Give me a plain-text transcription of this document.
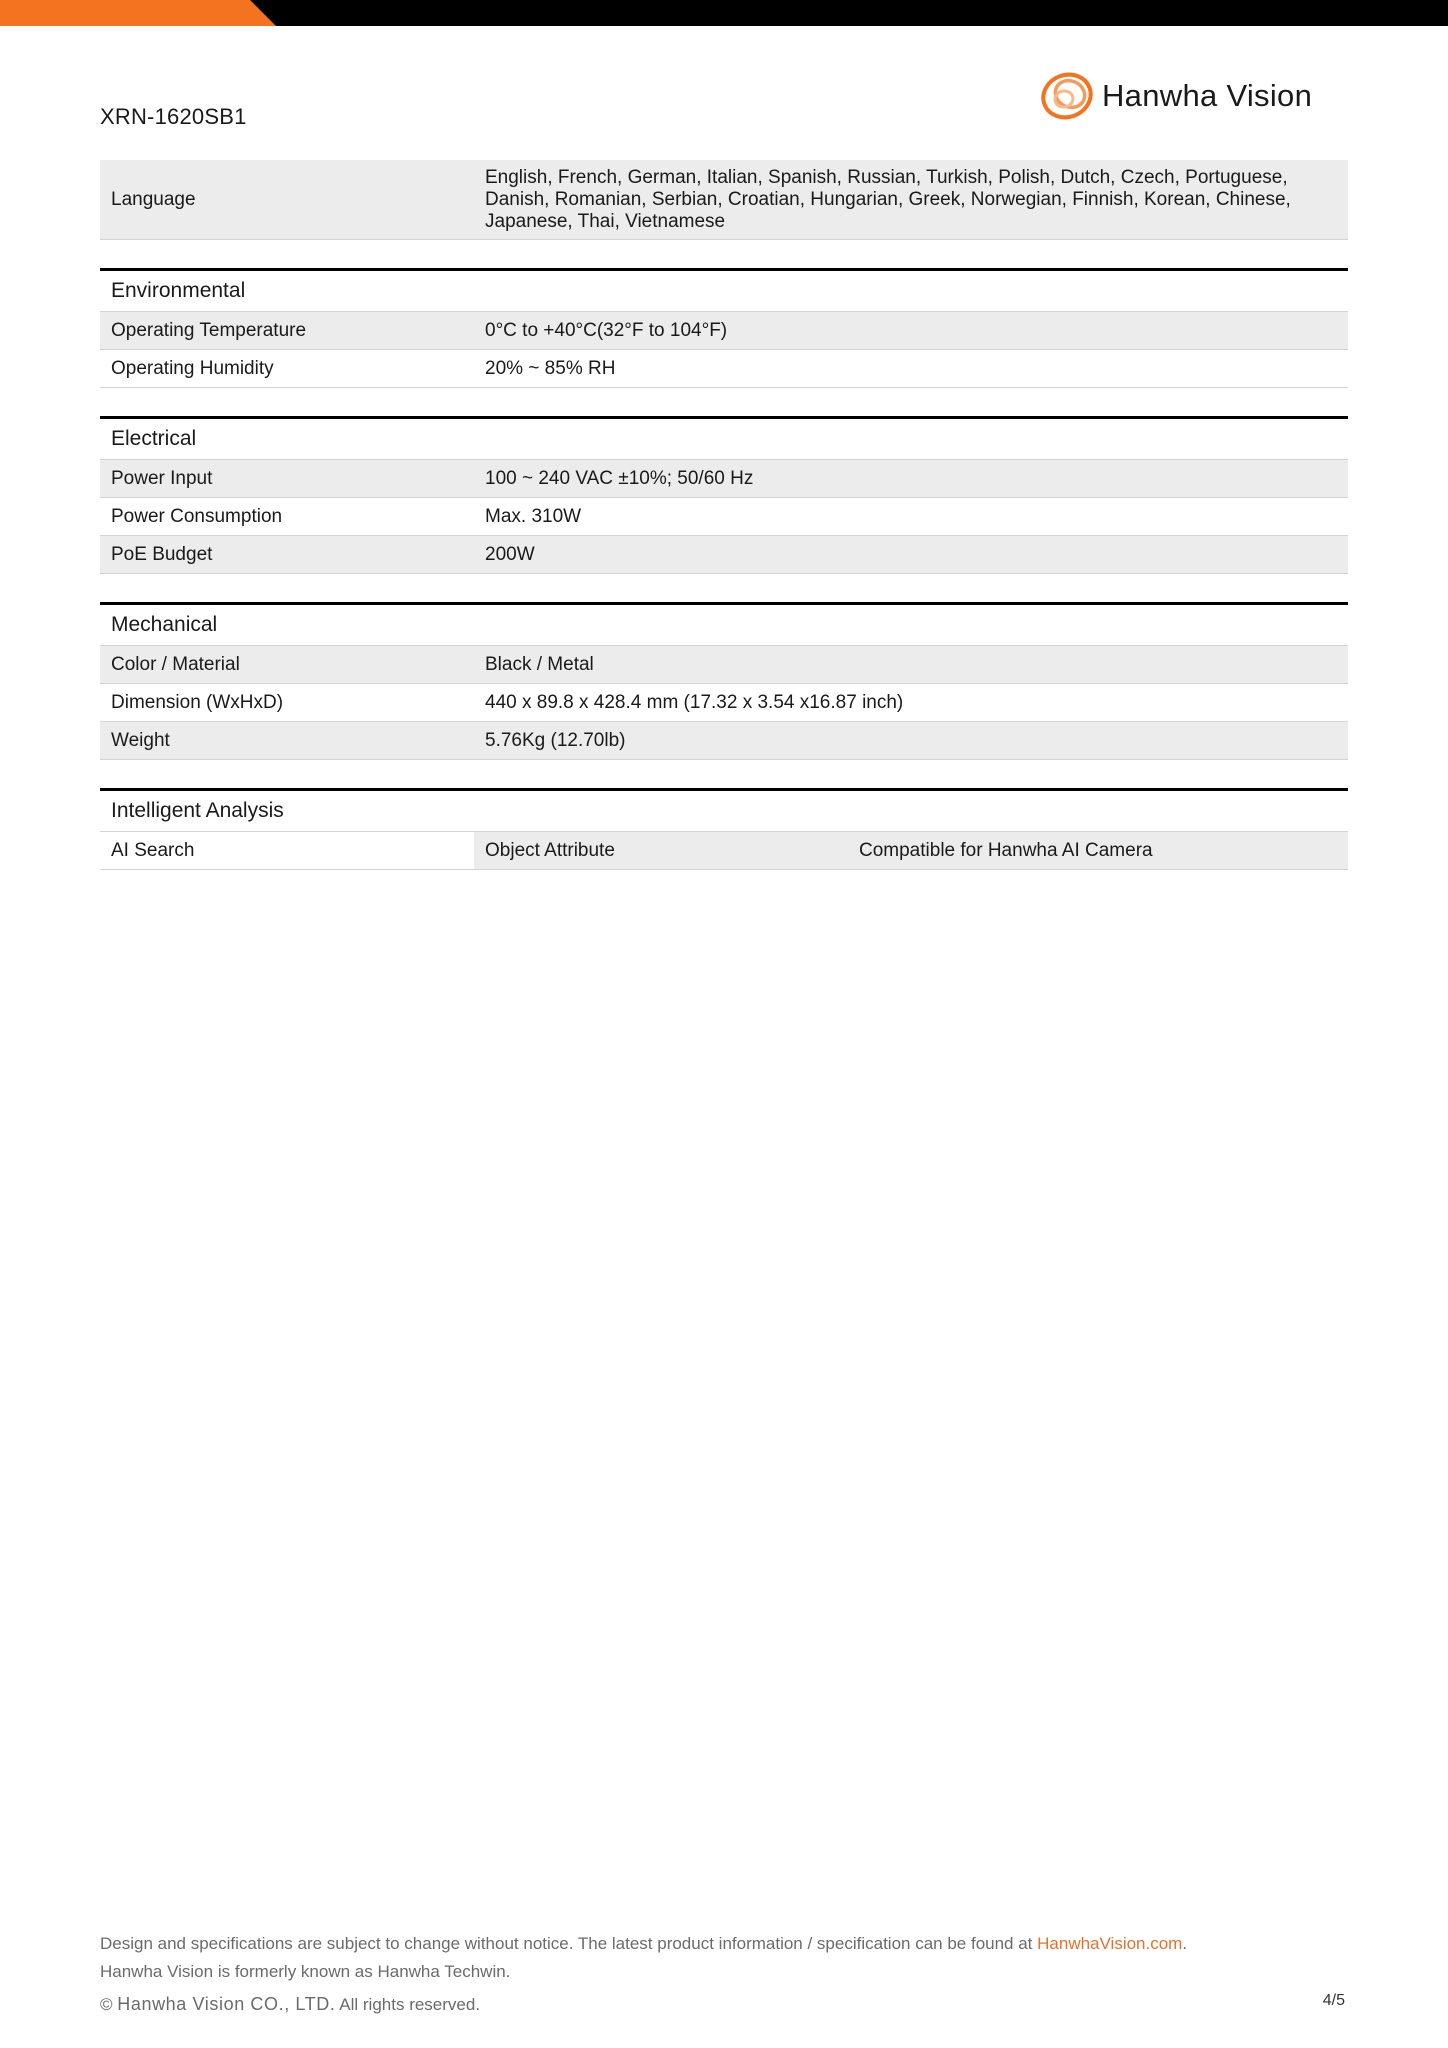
XRN-1620SB1
Hanwha Vision
Language	English, French, German, Italian, Spanish, Russian, Turkish, Polish, Dutch, Czech, Portuguese, Danish, Romanian, Serbian, Croatian, Hungarian, Greek, Norwegian, Finnish, Korean, Chinese, Japanese, Thai, Vietnamese	

Environmental		
Operating Temperature	0°C to +40°C(32°F to 104°F)	
Operating Humidity	20% ~ 85% RH	

Electrical		
Power Input	100 ~ 240 VAC ±10%; 50/60 Hz	
Power Consumption	Max. 310W	
PoE Budget	200W	

Mechanical		
Color / Material	Black / Metal	
Dimension (WxHxD)	440 x 89.8 x 428.4 mm (17.32 x 3.54 x16.87 inch)	
Weight	5.76Kg (12.70lb)	

Intelligent Analysis		
AI Search	Object Attribute	Compatible for Hanwha AI Camera
Design and specifications are subject to change without notice. The latest product information / specification can be found at HanwhaVision.com.
Hanwha Vision is formerly known as Hanwha Techwin.
© Hanwha Vision CO., LTD. All rights reserved.	4/5
